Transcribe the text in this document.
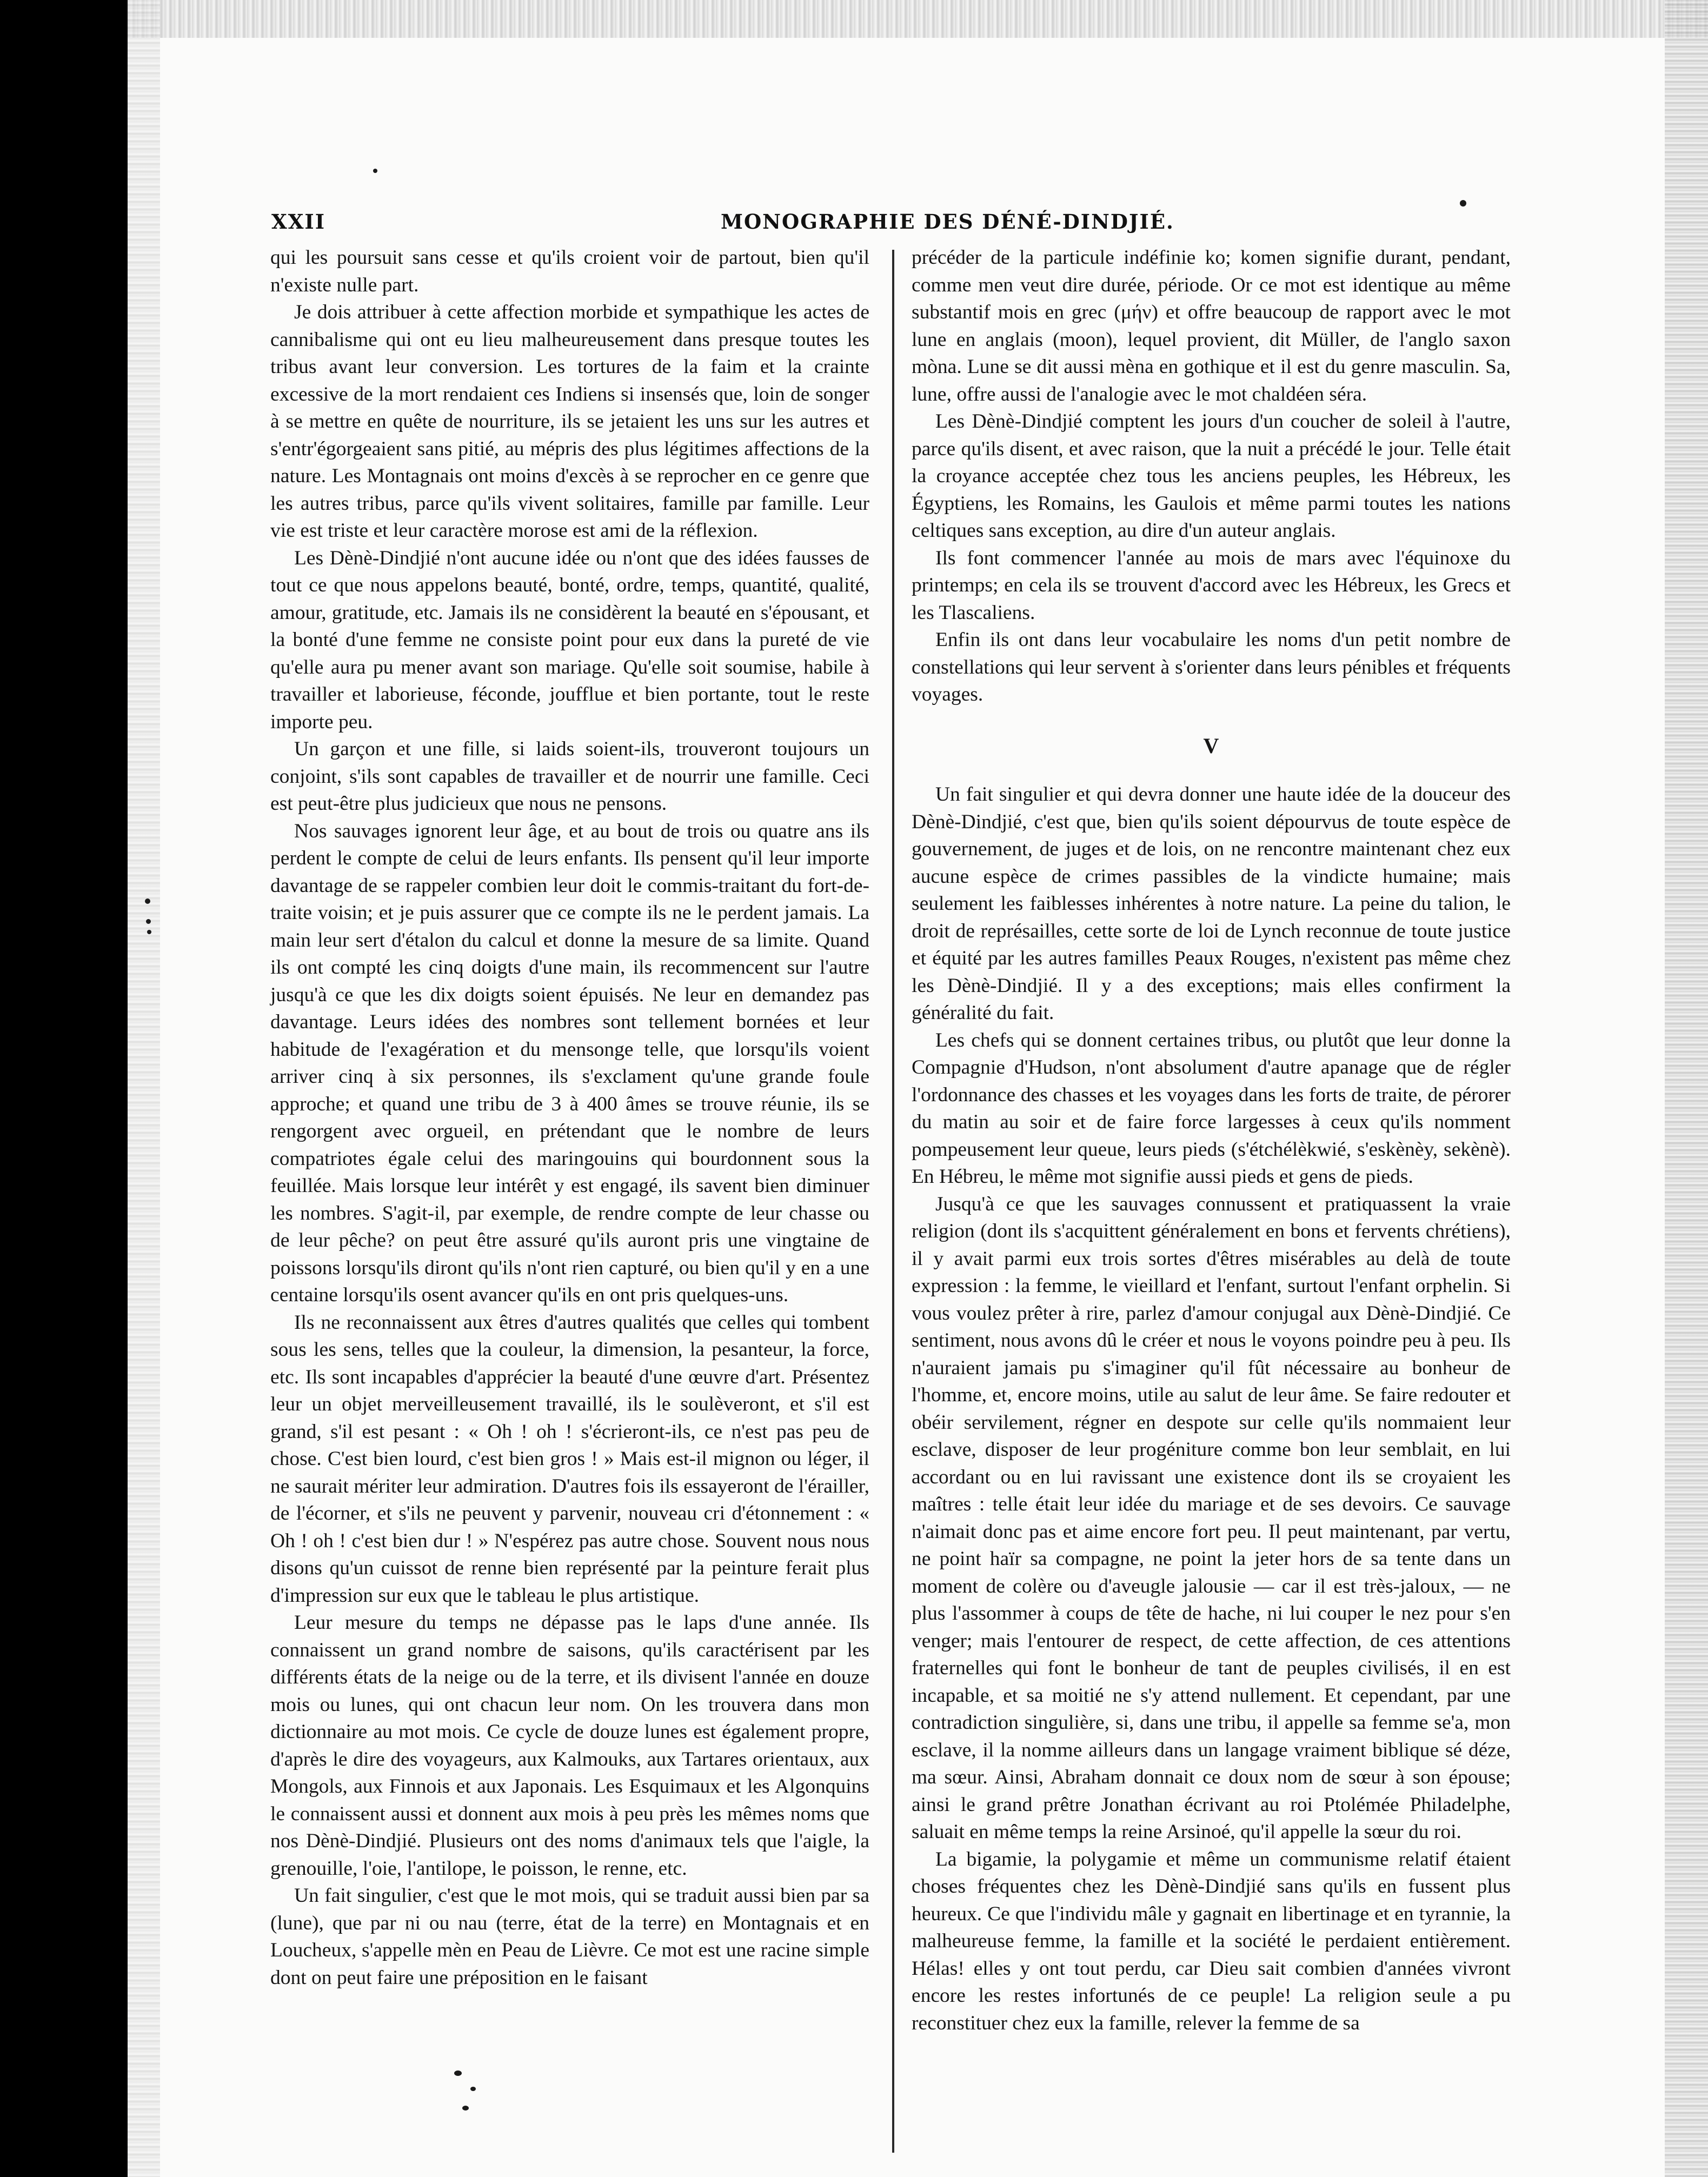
XXII	MONOGRAPHIE DES DÉNÉ-DINDJIÉ.

qui les poursuit sans cesse et qu'ils croient voir de partout, bien qu'il n'existe nulle part.

Je dois attribuer à cette affection morbide et sympathique les actes de cannibalisme qui ont eu lieu malheureusement dans presque toutes les tribus avant leur conversion. Les tortures de la faim et la crainte excessive de la mort rendaient ces Indiens si insensés que, loin de songer à se mettre en quête de nourriture, ils se jetaient les uns sur les autres et s'entr'égorgeaient sans pitié, au mépris des plus légitimes affections de la nature. Les Montagnais ont moins d'excès à se reprocher en ce genre que les autres tribus, parce qu'ils vivent solitaires, famille par famille. Leur vie est triste et leur caractère morose est ami de la réflexion.

Les Dènè-Dindjié n'ont aucune idée ou n'ont que des idées fausses de tout ce que nous appelons beauté, bonté, ordre, temps, quantité, qualité, amour, gratitude, etc. Jamais ils ne considèrent la beauté en s'épousant, et la bonté d'une femme ne consiste point pour eux dans la pureté de vie qu'elle aura pu mener avant son mariage. Qu'elle soit soumise, habile à travailler et laborieuse, féconde, joufflue et bien portante, tout le reste importe peu.

Un garçon et une fille, si laids soient-ils, trouveront toujours un conjoint, s'ils sont capables de travailler et de nourrir une famille. Ceci est peut-être plus judicieux que nous ne pensons.

Nos sauvages ignorent leur âge, et au bout de trois ou quatre ans ils perdent le compte de celui de leurs enfants. Ils pensent qu'il leur importe davantage de se rappeler combien leur doit le commis-traitant du fort-de-traite voisin; et je puis assurer que ce compte ils ne le perdent jamais. La main leur sert d'étalon du calcul et donne la mesure de sa limite. Quand ils ont compté les cinq doigts d'une main, ils recommencent sur l'autre jusqu'à ce que les dix doigts soient épuisés. Ne leur en demandez pas davantage. Leurs idées des nombres sont tellement bornées et leur habitude de l'exagération et du mensonge telle, que lorsqu'ils voient arriver cinq à six personnes, ils s'exclament qu'une grande foule approche; et quand une tribu de 3 à 400 âmes se trouve réunie, ils se rengorgent avec orgueil, en prétendant que le nombre de leurs compatriotes égale celui des maringouins qui bourdonnent sous la feuillée. Mais lorsque leur intérêt y est engagé, ils savent bien diminuer les nombres. S'agit-il, par exemple, de rendre compte de leur chasse ou de leur pêche? on peut être assuré qu'ils auront pris une vingtaine de poissons lorsqu'ils diront qu'ils n'ont rien capturé, ou bien qu'il y en a une centaine lorsqu'ils osent avancer qu'ils en ont pris quelques-uns.

Ils ne reconnaissent aux êtres d'autres qualités que celles qui tombent sous les sens, telles que la couleur, la dimension, la pesanteur, la force, etc. Ils sont incapables d'apprécier la beauté d'une œuvre d'art. Présentez leur un objet merveilleusement travaillé, ils le soulèveront, et s'il est grand, s'il est pesant : « Oh ! oh ! s'écrieront-ils, ce n'est pas peu de chose. C'est bien lourd, c'est bien gros ! » Mais est-il mignon ou léger, il ne saurait mériter leur admiration. D'autres fois ils essayeront de l'érailler, de l'écorner, et s'ils ne peuvent y parvenir, nouveau cri d'étonnement : « Oh ! oh ! c'est bien dur ! » N'espérez pas autre chose. Souvent nous nous disons qu'un cuissot de renne bien représenté par la peinture ferait plus d'impression sur eux que le tableau le plus artistique.

Leur mesure du temps ne dépasse pas le laps d'une année. Ils connaissent un grand nombre de saisons, qu'ils caractérisent par les différents états de la neige ou de la terre, et ils divisent l'année en douze mois ou lunes, qui ont chacun leur nom. On les trouvera dans mon dictionnaire au mot mois. Ce cycle de douze lunes est également propre, d'après le dire des voyageurs, aux Kalmouks, aux Tartares orientaux, aux Mongols, aux Finnois et aux Japonais. Les Esquimaux et les Algonquins le connaissent aussi et donnent aux mois à peu près les mêmes noms que nos Dènè-Dindjié. Plusieurs ont des noms d'animaux tels que l'aigle, la grenouille, l'oie, l'antilope, le poisson, le renne, etc.

Un fait singulier, c'est que le mot mois, qui se traduit aussi bien par sa (lune), que par ni ou nau (terre, état de la terre) en Montagnais et en Loucheux, s'appelle mèn en Peau de Lièvre. Ce mot est une racine simple dont on peut faire une préposition en le faisant

précéder de la particule indéfinie ko; komen signifie durant, pendant, comme men veut dire durée, période. Or ce mot est identique au même substantif mois en grec (μήν) et offre beaucoup de rapport avec le mot lune en anglais (moon), lequel provient, dit Müller, de l'anglo saxon mòna. Lune se dit aussi mèna en gothique et il est du genre masculin. Sa, lune, offre aussi de l'analogie avec le mot chaldéen séra.

Les Dènè-Dindjié comptent les jours d'un coucher de soleil à l'autre, parce qu'ils disent, et avec raison, que la nuit a précédé le jour. Telle était la croyance acceptée chez tous les anciens peuples, les Hébreux, les Égyptiens, les Romains, les Gaulois et même parmi toutes les nations celtiques sans exception, au dire d'un auteur anglais.

Ils font commencer l'année au mois de mars avec l'équinoxe du printemps; en cela ils se trouvent d'accord avec les Hébreux, les Grecs et les Tlascaliens.

Enfin ils ont dans leur vocabulaire les noms d'un petit nombre de constellations qui leur servent à s'orienter dans leurs pénibles et fréquents voyages.

V

Un fait singulier et qui devra donner une haute idée de la douceur des Dènè-Dindjié, c'est que, bien qu'ils soient dépourvus de toute espèce de gouvernement, de juges et de lois, on ne rencontre maintenant chez eux aucune espèce de crimes passibles de la vindicte humaine; mais seulement les faiblesses inhérentes à notre nature. La peine du talion, le droit de représailles, cette sorte de loi de Lynch reconnue de toute justice et équité par les autres familles Peaux Rouges, n'existent pas même chez les Dènè-Dindjié. Il y a des exceptions; mais elles confirment la généralité du fait.

Les chefs qui se donnent certaines tribus, ou plutôt que leur donne la Compagnie d'Hudson, n'ont absolument d'autre apanage que de régler l'ordonnance des chasses et les voyages dans les forts de traite, de pérorer du matin au soir et de faire force largesses à ceux qu'ils nomment pompeusement leur queue, leurs pieds (s'étchélèkwié, s'eskènèy, sekènè). En Hébreu, le même mot signifie aussi pieds et gens de pieds.

Jusqu'à ce que les sauvages connussent et pratiquassent la vraie religion (dont ils s'acquittent généralement en bons et fervents chrétiens), il y avait parmi eux trois sortes d'êtres misérables au delà de toute expression : la femme, le vieillard et l'enfant, surtout l'enfant orphelin. Si vous voulez prêter à rire, parlez d'amour conjugal aux Dènè-Dindjié. Ce sentiment, nous avons dû le créer et nous le voyons poindre peu à peu. Ils n'auraient jamais pu s'imaginer qu'il fût nécessaire au bonheur de l'homme, et, encore moins, utile au salut de leur âme. Se faire redouter et obéir servilement, régner en despote sur celle qu'ils nommaient leur esclave, disposer de leur progéniture comme bon leur semblait, en lui accordant ou en lui ravissant une existence dont ils se croyaient les maîtres : telle était leur idée du mariage et de ses devoirs. Ce sauvage n'aimait donc pas et aime encore fort peu. Il peut maintenant, par vertu, ne point haïr sa compagne, ne point la jeter hors de sa tente dans un moment de colère ou d'aveugle jalousie — car il est très-jaloux, — ne plus l'assommer à coups de tête de hache, ni lui couper le nez pour s'en venger; mais l'entourer de respect, de cette affection, de ces attentions fraternelles qui font le bonheur de tant de peuples civilisés, il en est incapable, et sa moitié ne s'y attend nullement. Et cependant, par une contradiction singulière, si, dans une tribu, il appelle sa femme se'a, mon esclave, il la nomme ailleurs dans un langage vraiment biblique sé déze, ma sœur. Ainsi, Abraham donnait ce doux nom de sœur à son épouse; ainsi le grand prêtre Jonathan écrivant au roi Ptolémée Philadelphe, saluait en même temps la reine Arsinoé, qu'il appelle la sœur du roi.

La bigamie, la polygamie et même un communisme relatif étaient choses fréquentes chez les Dènè-Dindjié sans qu'ils en fussent plus heureux. Ce que l'individu mâle y gagnait en libertinage et en tyrannie, la malheureuse femme, la famille et la société le perdaient entièrement. Hélas! elles y ont tout perdu, car Dieu sait combien d'années vivront encore les restes infortunés de ce peuple! La religion seule a pu reconstituer chez eux la famille, relever la femme de sa
